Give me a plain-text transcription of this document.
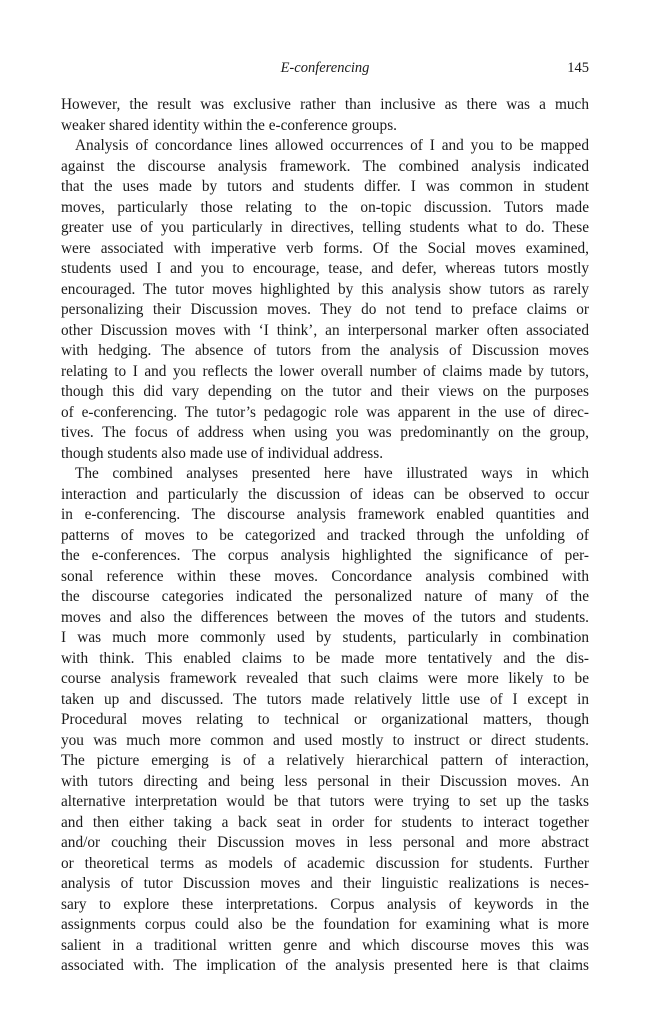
E-conferencing	145
However, the result was exclusive rather than inclusive as there was a much
weaker shared identity within the e-conference groups.
Analysis of concordance lines allowed occurrences of I and you to be mapped
against the discourse analysis framework. The combined analysis indicated
that the uses made by tutors and students differ. I was common in student
moves, particularly those relating to the on-topic discussion. Tutors made
greater use of you particularly in directives, telling students what to do. These
were associated with imperative verb forms. Of the Social moves examined,
students used I and you to encourage, tease, and defer, whereas tutors mostly
encouraged. The tutor moves highlighted by this analysis show tutors as rarely
personalizing their Discussion moves. They do not tend to preface claims or
other Discussion moves with ‘I think’, an interpersonal marker often associated
with hedging. The absence of tutors from the analysis of Discussion moves
relating to I and you reflects the lower overall number of claims made by tutors,
though this did vary depending on the tutor and their views on the purposes
of e-conferencing. The tutor’s pedagogic role was apparent in the use of direc-
tives. The focus of address when using you was predominantly on the group,
though students also made use of individual address.
The combined analyses presented here have illustrated ways in which
interaction and particularly the discussion of ideas can be observed to occur
in e-conferencing. The discourse analysis framework enabled quantities and
patterns of moves to be categorized and tracked through the unfolding of
the e-conferences. The corpus analysis highlighted the significance of per-
sonal reference within these moves. Concordance analysis combined with
the discourse categories indicated the personalized nature of many of the
moves and also the differences between the moves of the tutors and students.
I was much more commonly used by students, particularly in combination
with think. This enabled claims to be made more tentatively and the dis-
course analysis framework revealed that such claims were more likely to be
taken up and discussed. The tutors made relatively little use of I except in
Procedural moves relating to technical or organizational matters, though
you was much more common and used mostly to instruct or direct students.
The picture emerging is of a relatively hierarchical pattern of interaction,
with tutors directing and being less personal in their Discussion moves. An
alternative interpretation would be that tutors were trying to set up the tasks
and then either taking a back seat in order for students to interact together
and/or couching their Discussion moves in less personal and more abstract
or theoretical terms as models of academic discussion for students. Further
analysis of tutor Discussion moves and their linguistic realizations is neces-
sary to explore these interpretations. Corpus analysis of keywords in the
assignments corpus could also be the foundation for examining what is more
salient in a traditional written genre and which discourse moves this was
associated with. The implication of the analysis presented here is that claims
